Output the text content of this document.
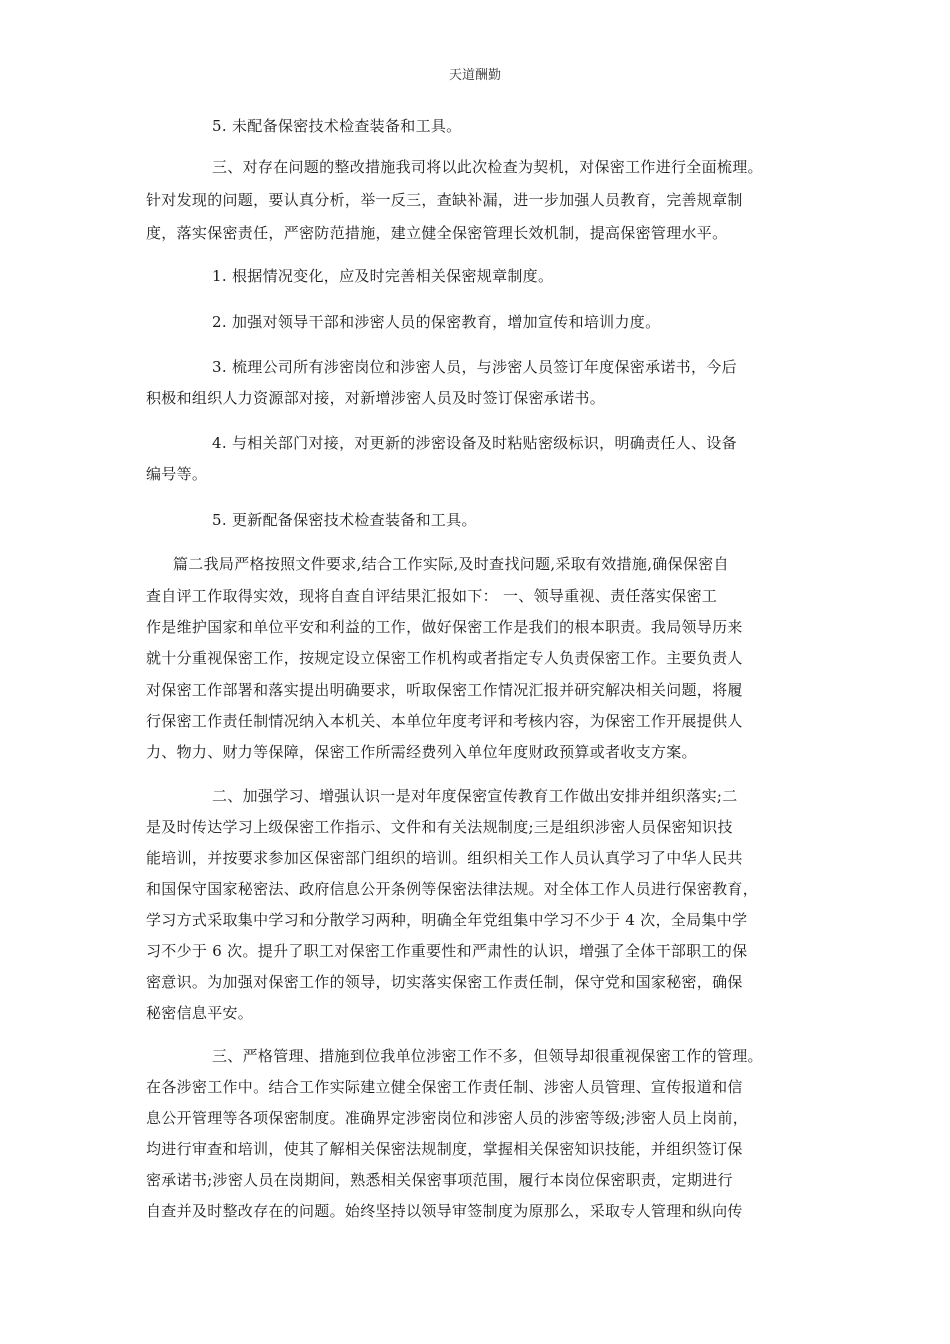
天道酬勤
5. 未配备保密技术检查装备和工具。
三、对存在问题的整改措施我司将以此次检查为契机，对保密工作进行全面梳理。
针对发现的问题，要认真分析，举一反三，查缺补漏，进一步加强人员教育，完善规章制
度，落实保密责任，严密防范措施，建立健全保密管理长效机制，提高保密管理水平。
1. 根据情况变化，应及时完善相关保密规章制度。
2. 加强对领导干部和涉密人员的保密教育，增加宣传和培训力度。
3. 梳理公司所有涉密岗位和涉密人员，与涉密人员签订年度保密承诺书，今后
积极和组织人力资源部对接，对新增涉密人员及时签订保密承诺书。
4. 与相关部门对接，对更新的涉密设备及时粘贴密级标识，明确责任人、设备
编号等。
5. 更新配备保密技术检查装备和工具。
篇二我局严格按照文件要求,结合工作实际,及时查找问题,采取有效措施,确保保密自
查自评工作取得实效，现将自查自评结果汇报如下： 一、领导重视、责任落实保密工
作是维护国家和单位平安和利益的工作，做好保密工作是我们的根本职责。我局领导历来
就十分重视保密工作，按规定设立保密工作机构或者指定专人负责保密工作。主要负责人
对保密工作部署和落实提出明确要求，听取保密工作情况汇报并研究解决相关问题，将履
行保密工作责任制情况纳入本机关、本单位年度考评和考核内容，为保密工作开展提供人
力、物力、财力等保障，保密工作所需经费列入单位年度财政预算或者收支方案。
二、加强学习、增强认识一是对年度保密宣传教育工作做出安排并组织落实;二
是及时传达学习上级保密工作指示、文件和有关法规制度;三是组织涉密人员保密知识技
能培训，并按要求参加区保密部门组织的培训。组织相关工作人员认真学习了中华人民共
和国保守国家秘密法、政府信息公开条例等保密法律法规。对全体工作人员进行保密教育，
学习方式采取集中学习和分散学习两种，明确全年党组集中学习不少于 4 次，全局集中学
习不少于 6 次。提升了职工对保密工作重要性和严肃性的认识，增强了全体干部职工的保
密意识。为加强对保密工作的领导，切实落实保密工作责任制，保守党和国家秘密，确保
秘密信息平安。
三、严格管理、措施到位我单位涉密工作不多，但领导却很重视保密工作的管理。
在各涉密工作中。结合工作实际建立健全保密工作责任制、涉密人员管理、宣传报道和信
息公开管理等各项保密制度。准确界定涉密岗位和涉密人员的涉密等级;涉密人员上岗前，
均进行审查和培训，使其了解相关保密法规制度，掌握相关保密知识技能，并组织签订保
密承诺书;涉密人员在岗期间，熟悉相关保密事项范围，履行本岗位保密职责，定期进行
自查并及时整改存在的问题。始终坚持以领导审签制度为原那么，采取专人管理和纵向传
